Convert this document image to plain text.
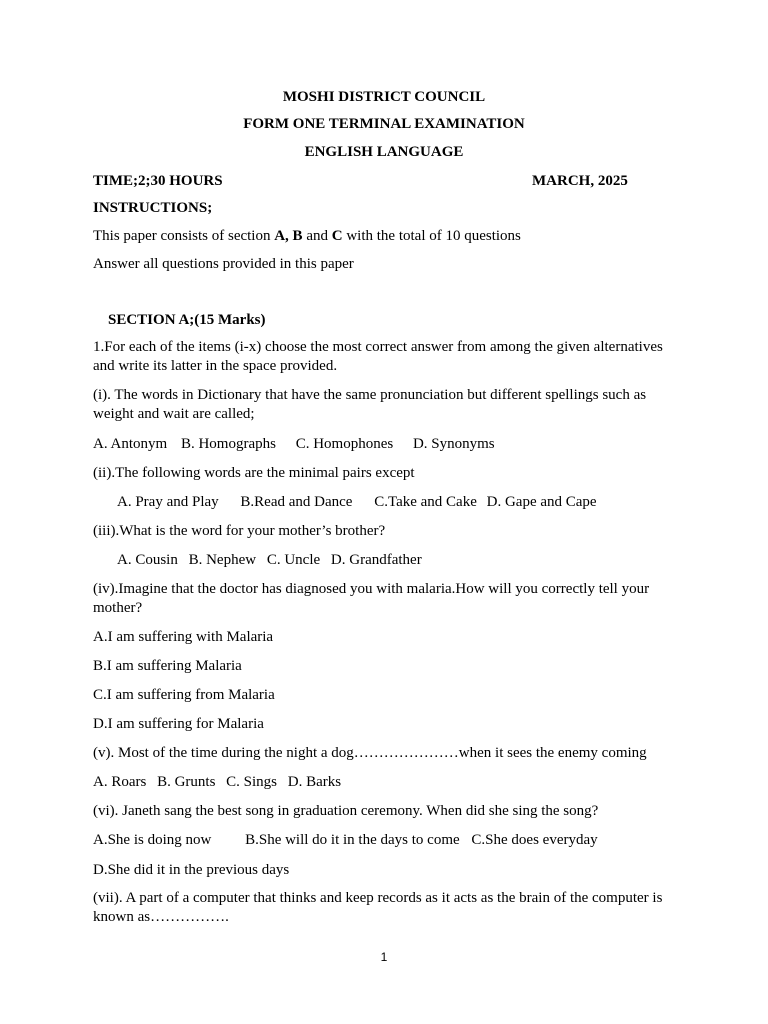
MOSHI DISTRICT COUNCIL
FORM ONE TERMINAL EXAMINATION
ENGLISH LANGUAGE
TIME;2;30 HOURS	MARCH, 2025
INSTRUCTIONS;
This paper consists of section A, B and C with the total of 10 questions
Answer all questions provided in this paper
SECTION A;(15 Marks)
1.For each of the items (i-x) choose the most correct answer from among the given alternatives and write its latter in the space provided.
(i). The words in Dictionary that have the same pronunciation but different spellings such as weight and wait are called;
A. Antonym B. Homographs C. Homophones D. Synonyms
(ii).The following words are the minimal pairs except
A. Pray and Play B.Read and Dance C.Take and Cake D. Gape and Cape
(iii).What is the word for your mother’s brother?
A. Cousin B. Nephew C. Uncle D. Grandfather
(iv).Imagine that the doctor has diagnosed you with malaria.How will you correctly tell your mother?
A.I am suffering with Malaria
B.I am suffering Malaria
C.I am suffering from Malaria
D.I am suffering for Malaria
(v). Most of the time during the night a dog…………………when it sees the enemy coming
A. Roars B. Grunts C. Sings D. Barks
(vi). Janeth sang the best song in graduation ceremony. When did she sing the song?
A.She is doing now B.She will do it in the days to come C.She does everyday
D.She did it in the previous days
(vii). A part of a computer that thinks and keep records as it acts as the brain of the computer is known as…………….
1
